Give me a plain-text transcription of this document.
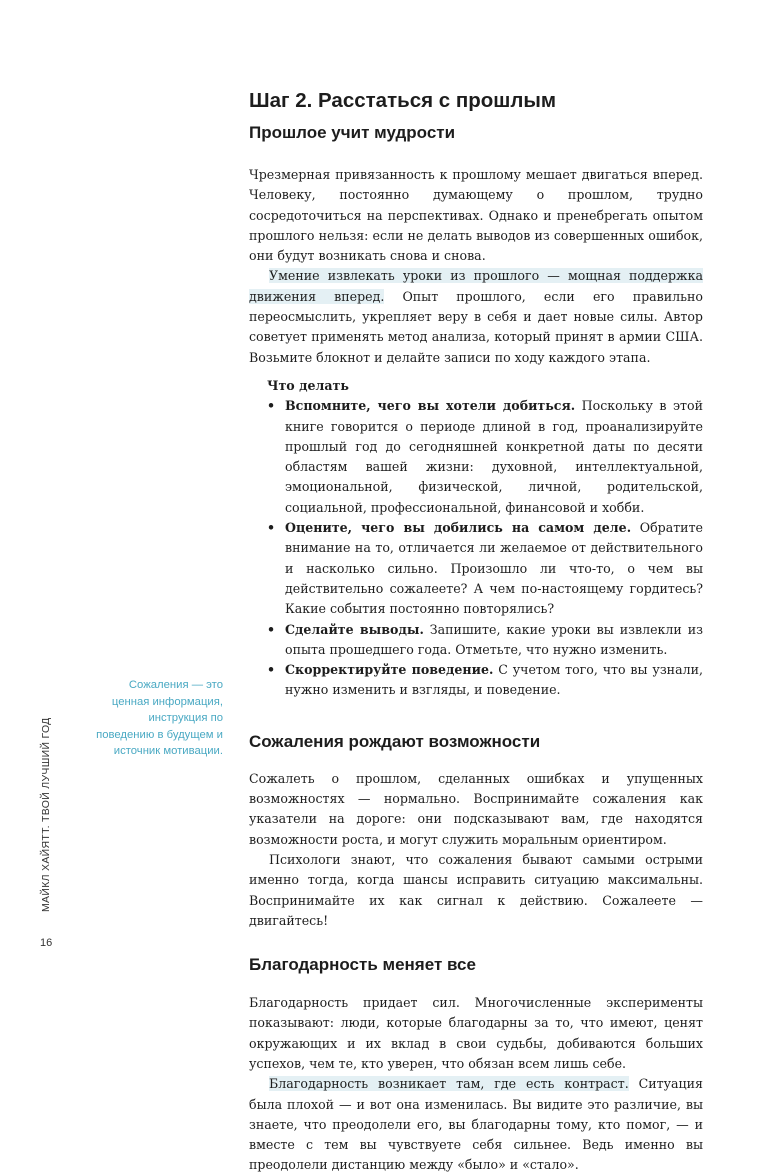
МАЙКЛ ХАЙЯТТ. ТВОЙ ЛУЧШИЙ ГОД
16
Сожаления — это ценная информация, инструкция по поведению в будущем и источник мотивации.
Шаг 2. Расстаться с прошлым
Прошлое учит мудрости

Чрезмерная привязанность к прошлому мешает двигаться вперед. Человеку, постоянно думающему о прошлом, трудно сосредоточиться на перспективах. Однако и пренебрегать опытом прошлого нельзя: если не делать выводов из совершенных ошибок, они будут возникать снова и снова.

Умение извлекать уроки из прошлого — мощная поддержка движения вперед. Опыт прошлого, если его правильно переосмыслить, укрепляет веру в себя и дает новые силы. Автор советует применять метод анализа, который принят в армии США. Возьмите блокнот и делайте записи по ходу каждого этапа.

Что делать
• Вспомните, чего вы хотели добиться. Поскольку в этой книге говорится о периоде длиной в год, проанализируйте прошлый год до сегодняшней конкретной даты по десяти областям вашей жизни: духовной, интеллектуальной, эмоциональной, физической, личной, родительской, социальной, профессиональной, финансовой и хобби.
• Оцените, чего вы добились на самом деле. Обратите внимание на то, отличается ли желаемое от действительного и насколько сильно. Произошло ли что-то, о чем вы действительно сожалеете? А чем по-настоящему гордитесь? Какие события постоянно повторялись?
• Сделайте выводы. Запишите, какие уроки вы извлекли из опыта прошедшего года. Отметьте, что нужно изменить.
• Скорректируйте поведение. С учетом того, что вы узнали, нужно изменить и взгляды, и поведение.
Сожаления рождают возможности

Сожалеть о прошлом, сделанных ошибках и упущенных возможностях — нормально. Воспринимайте сожаления как указатели на дороге: они подсказывают вам, где находятся возможности роста, и могут служить моральным ориентиром.

Психологи знают, что сожаления бывают самыми острыми именно тогда, когда шансы исправить ситуацию максимальны. Воспринимайте их как сигнал к действию. Сожалеете — двигайтесь!

Благодарность меняет все

Благодарность придает сил. Многочисленные эксперименты показывают: люди, которые благодарны за то, что имеют, ценят окружающих и их вклад в свои судьбы, добиваются больших успехов, чем те, кто уверен, что обязан всем лишь себе.

Благодарность возникает там, где есть контраст. Ситуация была плохой — и вот она изменилась. Вы видите это различие, вы знаете, что преодолели его, вы благодарны тому, кто помог, — и вместе с тем вы чувствуете себя сильнее. Ведь именно вы преодолели дистанцию между «было» и «стало».
